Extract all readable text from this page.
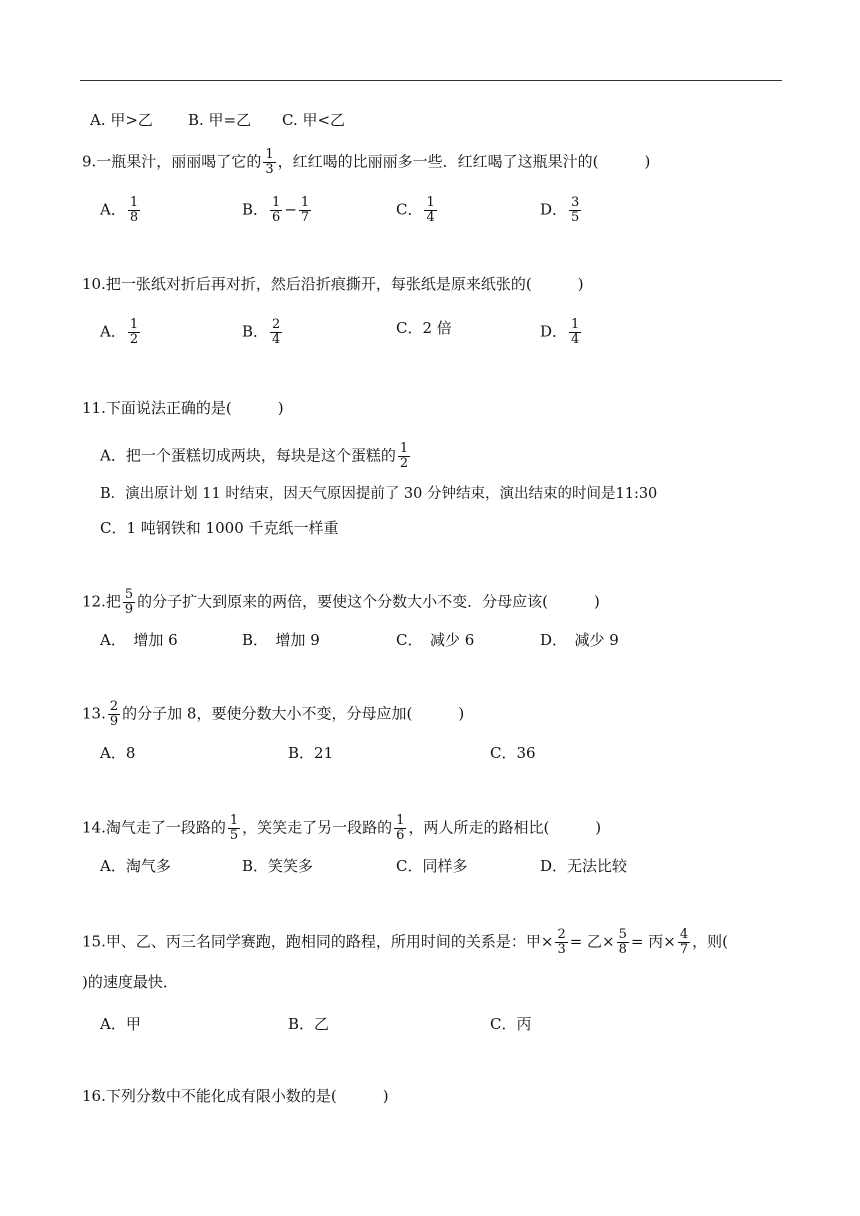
A. 甲>乙 B. 甲=乙 C. 甲<乙
9.一瓶果汁，丽丽喝了它的 $\frac{1}{3}$ ，红红喝的比丽丽多一些．红红喝了这瓶果汁的(	)
A． $\frac{1}{8}$	B． $\frac{1}{6} - \frac{1}{7}$	C． $\frac{1}{4}$	D． $\frac{3}{5}$
10.把一张纸对折后再对折，然后沿折痕撕开，每张纸是原来纸张的(	)
A． $\frac{1}{2}$	B． $\frac{2}{4}$	C．2 倍	D． $\frac{1}{4}$
11.下面说法正确的是(	)
A．把一个蛋糕切成两块，每块是这个蛋糕的 $\frac{1}{2}$
B．演出原计划 11 时结束，因天气原因提前了 30 分钟结束，演出结束的时间是11:30
C．1 吨钢铁和 1000 千克纸一样重
12.把 $\frac{5}{9}$ 的分子扩大到原来的两倍，要使这个分数大小不变．分母应该(	)
A．　增加 6	B．　增加 9	C．　减少 6	D．　减少 9
13. $\frac{2}{9}$ 的分子加 8，要使分数大小不变，分母应加(	)
A．8	B．21	C．36
14.淘气走了一段路的 $\frac{1}{5}$ ，笑笑走了另一段路的 $\frac{1}{6}$ ，两人所走的路相比(	)
A．淘气多	B．笑笑多	C．同样多	D．无法比较
15.甲、乙、丙三名同学赛跑，跑相同的路程，所用时间的关系是：甲× $\frac{2}{3}$ = 乙× $\frac{5}{8}$ = 丙× $\frac{4}{7}$ ，则(
)的速度最快．
A．甲	B．乙	C．丙
16.下列分数中不能化成有限小数的是(	)
